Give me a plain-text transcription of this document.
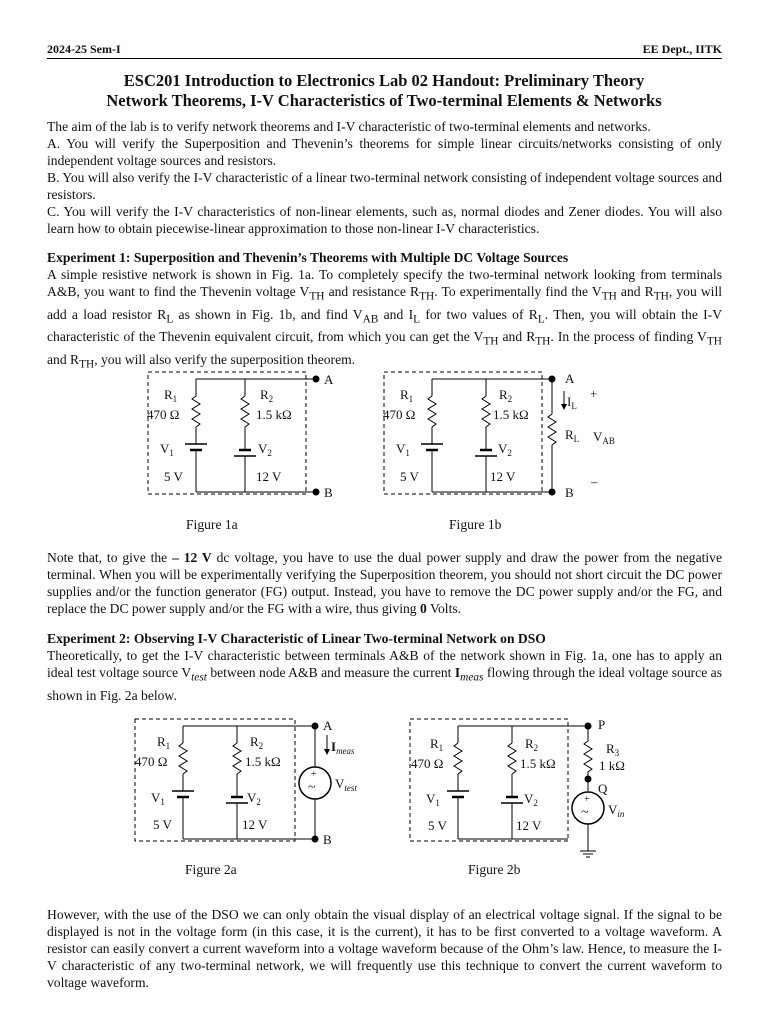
2024-25 Sem-I	EE Dept., IITK
ESC201 Introduction to Electronics Lab 02 Handout: Preliminary Theory
Network Theorems, I-V Characteristics of Two-terminal Elements & Networks

The aim of the lab is to verify network theorems and I-V characteristic of two-terminal elements and networks.

A. You will verify the Superposition and Thevenin’s theorems for simple linear circuits/networks consisting of only independent voltage sources and resistors.

B. You will also verify the I-V characteristic of a linear two-terminal network consisting of independent voltage sources and resistors.

C. You will verify the I-V characteristics of non-linear elements, such as, normal diodes and Zener diodes. You will also learn how to obtain piecewise-linear approximation to those non-linear I-V characteristics.

Experiment 1: Superposition and Thevenin’s Theorems with Multiple DC Voltage Sources

A simple resistive network is shown in Fig. 1a. To completely specify the two-terminal network looking from terminals A&B, you want to find the Thevenin voltage $V_{TH}$ and resistance $R_{TH}$. To experimentally find the $V_{TH}$ and $R_{TH}$, you will add a load resistor $R_L$ as shown in Fig. 1b, and find $V_{AB}$ and $I_L$ for two values of $R_L$. Then, you will obtain the I-V characteristic of the Thevenin equivalent circuit, from which you can get the $V_{TH}$ and $R_{TH}$. In the process of finding $V_{TH}$ and $R_{TH}$, you will also verify the superposition theorem.

A
B
$R_1$
470 Ω
$R_2$
1.5 kΩ
$V_1$
5 V
$V_2$
12 V
Figure 1a
A
B
$I_L$
$R_L$
+
$V_{AB}$
–
$R_1$
470 Ω
$R_2$
1.5 kΩ
$V_1$
5 V
$V_2$
12 V
Figure 1b

Note that, to give the – 12 V dc voltage, you have to use the dual power supply and draw the power from the negative terminal. When you will be experimentally verifying the Superposition theorem, you should not short circuit the DC power supplies and/or the function generator (FG) output. Instead, you have to remove the DC power supply and/or the FG, and replace the DC power supply and/or the FG with a wire, thus giving 0 Volts.

Experiment 2: Observing I-V Characteristic of Linear Two-terminal Network on DSO

Theoretically, to get the I-V characteristic between terminals A&B of the network shown in Fig. 1a, one has to apply an ideal test voltage source $V_{test}$ between node A&B and measure the current $I_{meas}$ flowing through the ideal voltage source as shown in Fig. 2a below.

A
B
+
~
$I_{meas}$
$V_{test}$
$R_1$
470 Ω
$R_2$
1.5 kΩ
$V_1$
5 V
$V_2$
12 V
Figure 2a
P
Q
+
~
$R_3$
1 kΩ
$V_{in}$
$R_1$
470 Ω
$R_2$
1.5 kΩ
$V_1$
5 V
$V_2$
12 V
Figure 2b

However, with the use of the DSO we can only obtain the visual display of an electrical voltage signal. If the signal to be displayed is not in the voltage form (in this case, it is the current), it has to be first converted to a voltage waveform. A resistor can easily convert a current waveform into a voltage waveform because of the Ohm’s law. Hence, to measure the I-V characteristic of any two-terminal network, we will frequently use this technique to convert the current waveform to voltage waveform.
